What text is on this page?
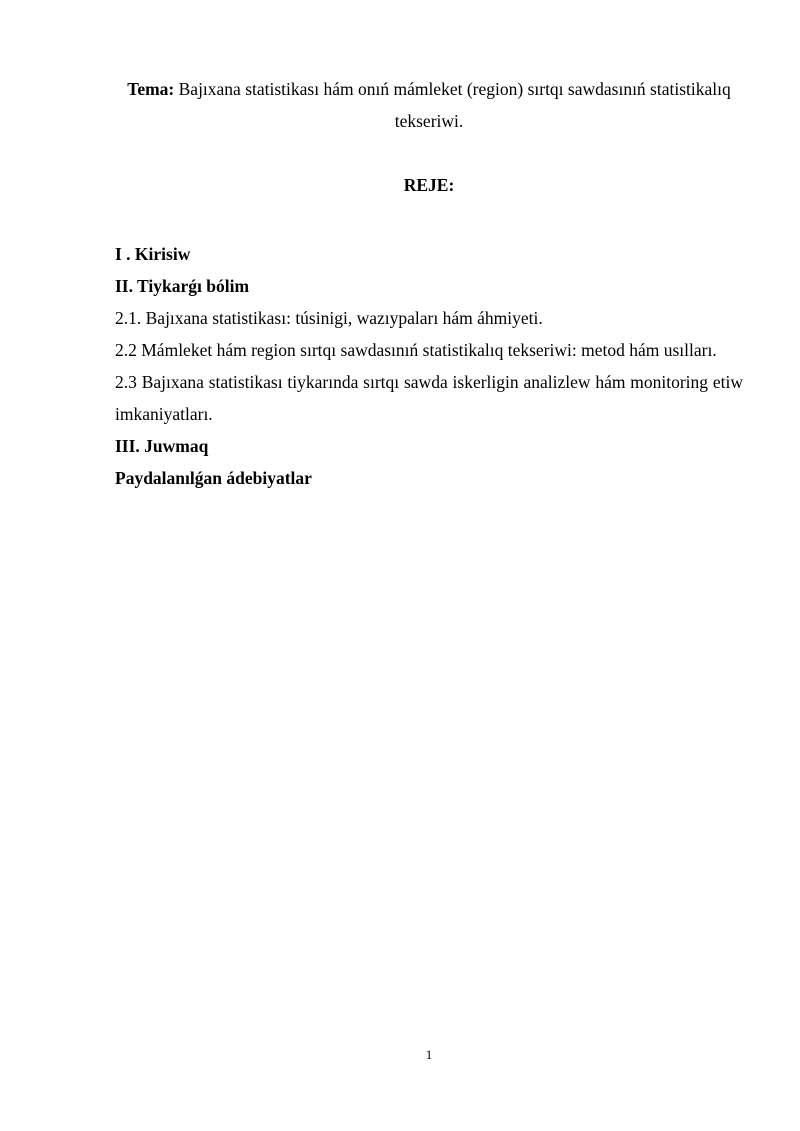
Tema: Bajıxana statistikası hám onıń mámleket (region) sırtqı sawdasınıń statistikalıq tekseriwi.
REJE:
I . Kirisiw
II. Tiykarǵı bólim
2.1. Bajıxana statistikası: túsinigi, wazıypaları hám áhmiyeti.
2.2 Mámleket hám region sırtqı sawdasınıń statistikalıq tekseriwi: metod hám usılları.
2.3 Bajıxana statistikası tiykarında sırtqı sawda iskerligin analizlew hám monitoring etiw imkaniyatları.
III. Juwmaq
Paydalanılǵan ádebiyatlar
1
